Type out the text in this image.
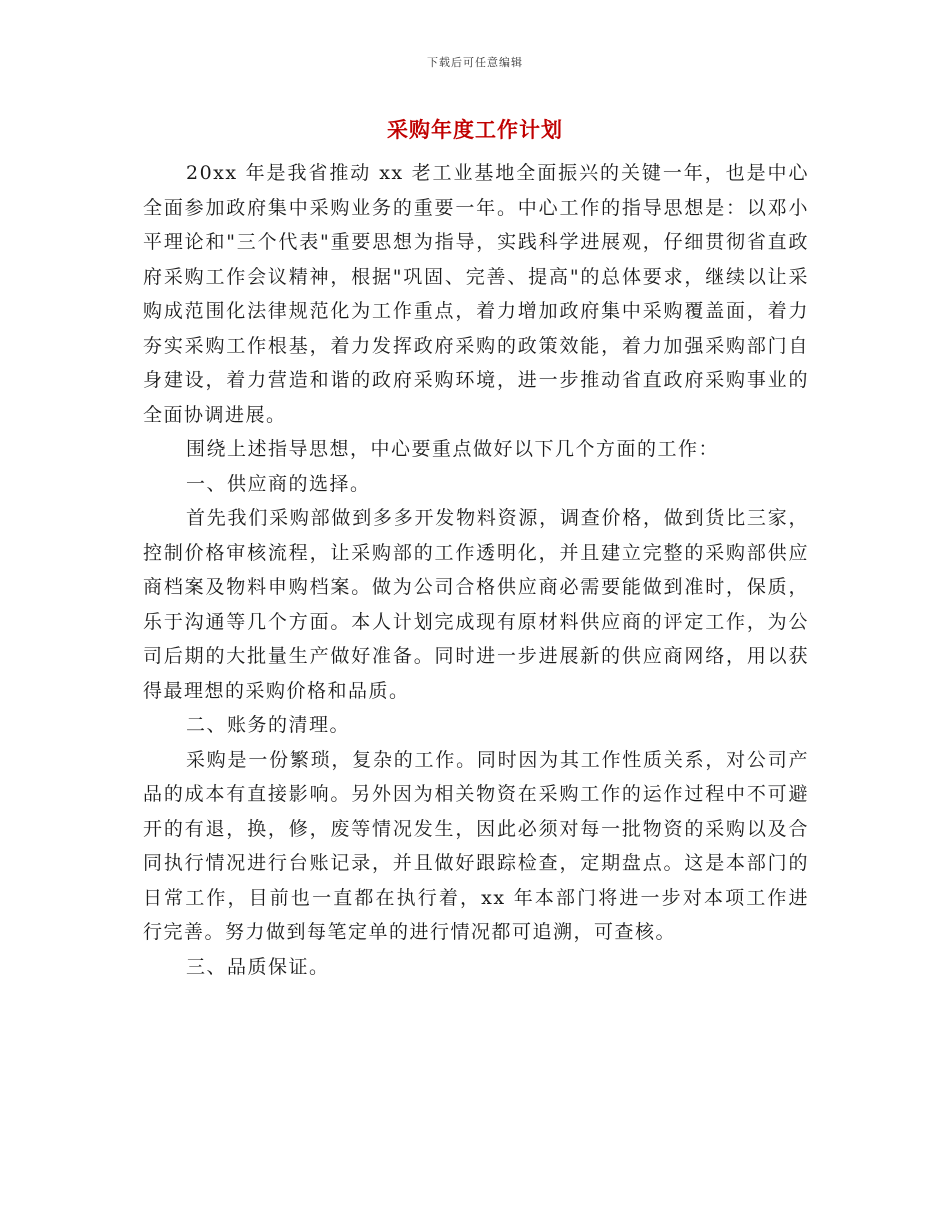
下载后可任意编辑
采购年度工作计划

20xx 年是我省推动 xx 老工业基地全面振兴的关键一年，也是中心全面参加政府集中采购业务的重要一年。中心工作的指导思想是：以邓小平理论和"三个代表"重要思想为指导，实践科学进展观，仔细贯彻省直政府采购工作会议精神，根据"巩固、完善、提高"的总体要求，继续以让采购成范围化法律规范化为工作重点，着力增加政府集中采购覆盖面，着力夯实采购工作根基，着力发挥政府采购的政策效能，着力加强采购部门自身建设，着力营造和谐的政府采购环境，进一步推动省直政府采购事业的全面协调进展。

围绕上述指导思想，中心要重点做好以下几个方面的工作：

一、供应商的选择。

首先我们采购部做到多多开发物料资源，调查价格，做到货比三家，控制价格审核流程，让采购部的工作透明化，并且建立完整的采购部供应商档案及物料申购档案。做为公司合格供应商必需要能做到准时，保质，乐于沟通等几个方面。本人计划完成现有原材料供应商的评定工作，为公司后期的大批量生产做好准备。同时进一步进展新的供应商网络，用以获得最理想的采购价格和品质。

二、账务的清理。

采购是一份繁琐，复杂的工作。同时因为其工作性质关系，对公司产品的成本有直接影响。另外因为相关物资在采购工作的运作过程中不可避开的有退，换，修，废等情况发生，因此必须对每一批物资的采购以及合同执行情况进行台账记录，并且做好跟踪检查，定期盘点。这是本部门的日常工作，目前也一直都在执行着，xx 年本部门将进一步对本项工作进行完善。努力做到每笔定单的进行情况都可追溯，可查核。

三、品质保证。
